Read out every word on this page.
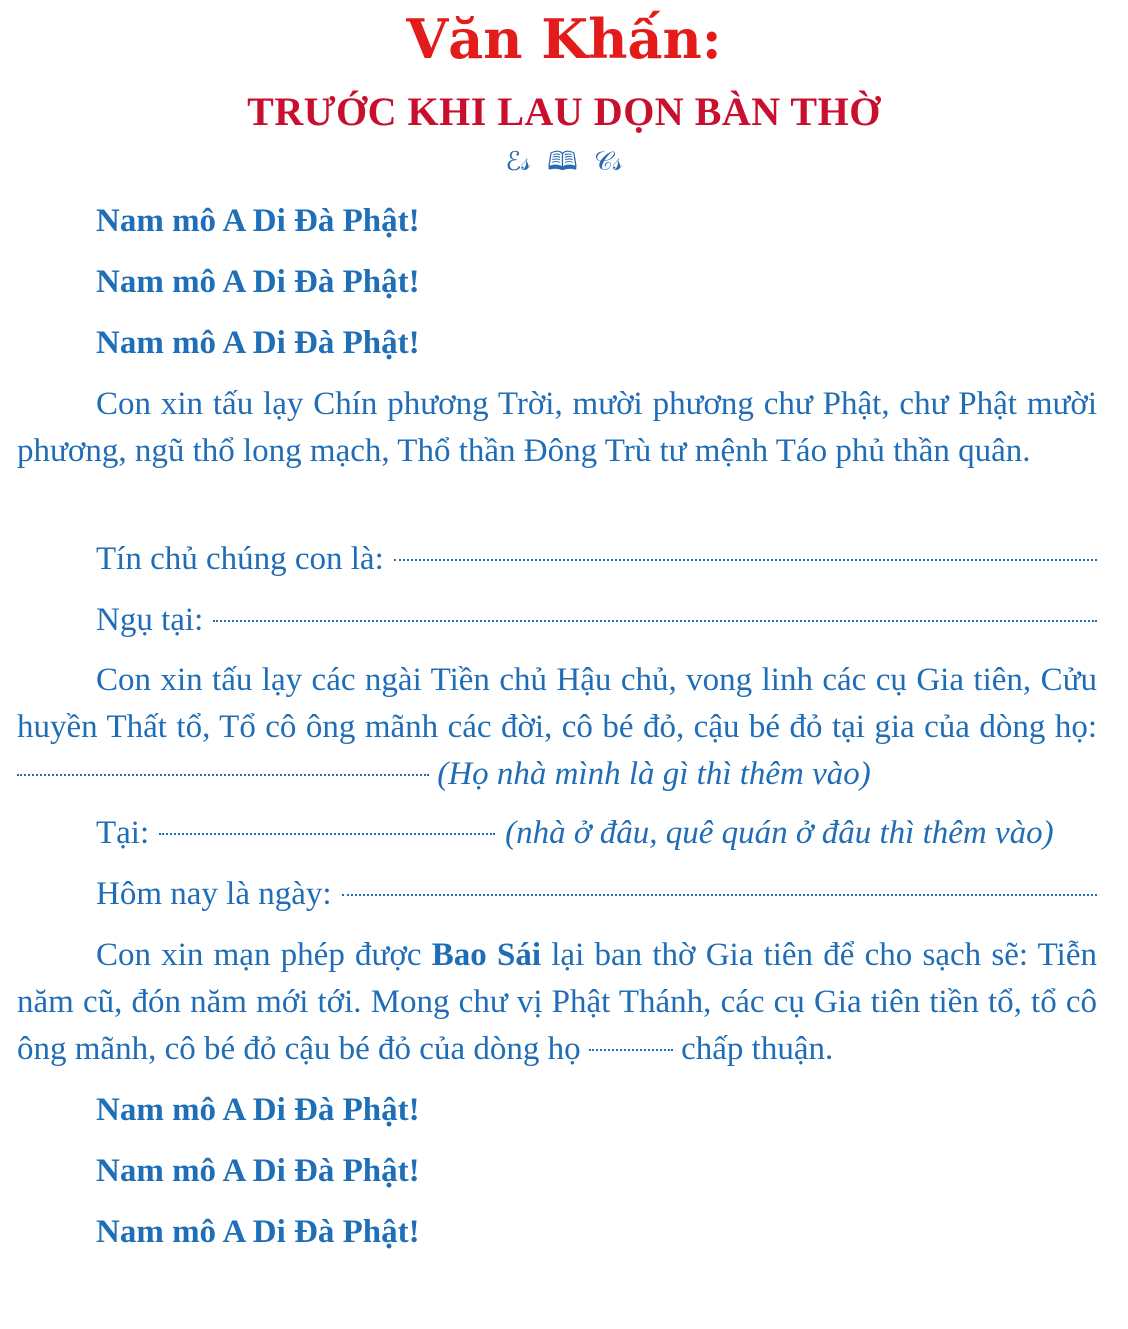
Văn Khấn:
TRƯỚC KHI LAU DỌN BÀN THỜ
ℰ𝓈 🕮 𝒞𝓈
Nam mô A Di Đà Phật!
Nam mô A Di Đà Phật!
Nam mô A Di Đà Phật!

Con xin tấu lạy Chín phương Trời, mười phương chư Phật, chư Phật mười phương, ngũ thổ long mạch, Thổ thần Đông Trù tư mệnh Táo phủ thần quân.

Tín chủ chúng con là:
Ngụ tại:

Con xin tấu lạy các ngài Tiền chủ Hậu chủ, vong linh các cụ Gia tiên, Cửu huyền Thất tổ, Tổ cô ông mãnh các đời, cô bé đỏ, cậu bé đỏ tại gia của dòng họ:  (Họ nhà mình là gì thì thêm vào)

Tại:	(nhà ở đâu, quê quán ở đâu thì thêm vào)
Hôm nay là ngày:

Con xin mạn phép được Bao Sái lại ban thờ Gia tiên để cho sạch sẽ: Tiễn năm cũ, đón năm mới tới. Mong chư vị Phật Thánh, các cụ Gia tiên tiền tổ, tổ cô ông mãnh, cô bé đỏ cậu bé đỏ của dòng họ	chấp thuận.

Nam mô A Di Đà Phật!
Nam mô A Di Đà Phật!
Nam mô A Di Đà Phật!
